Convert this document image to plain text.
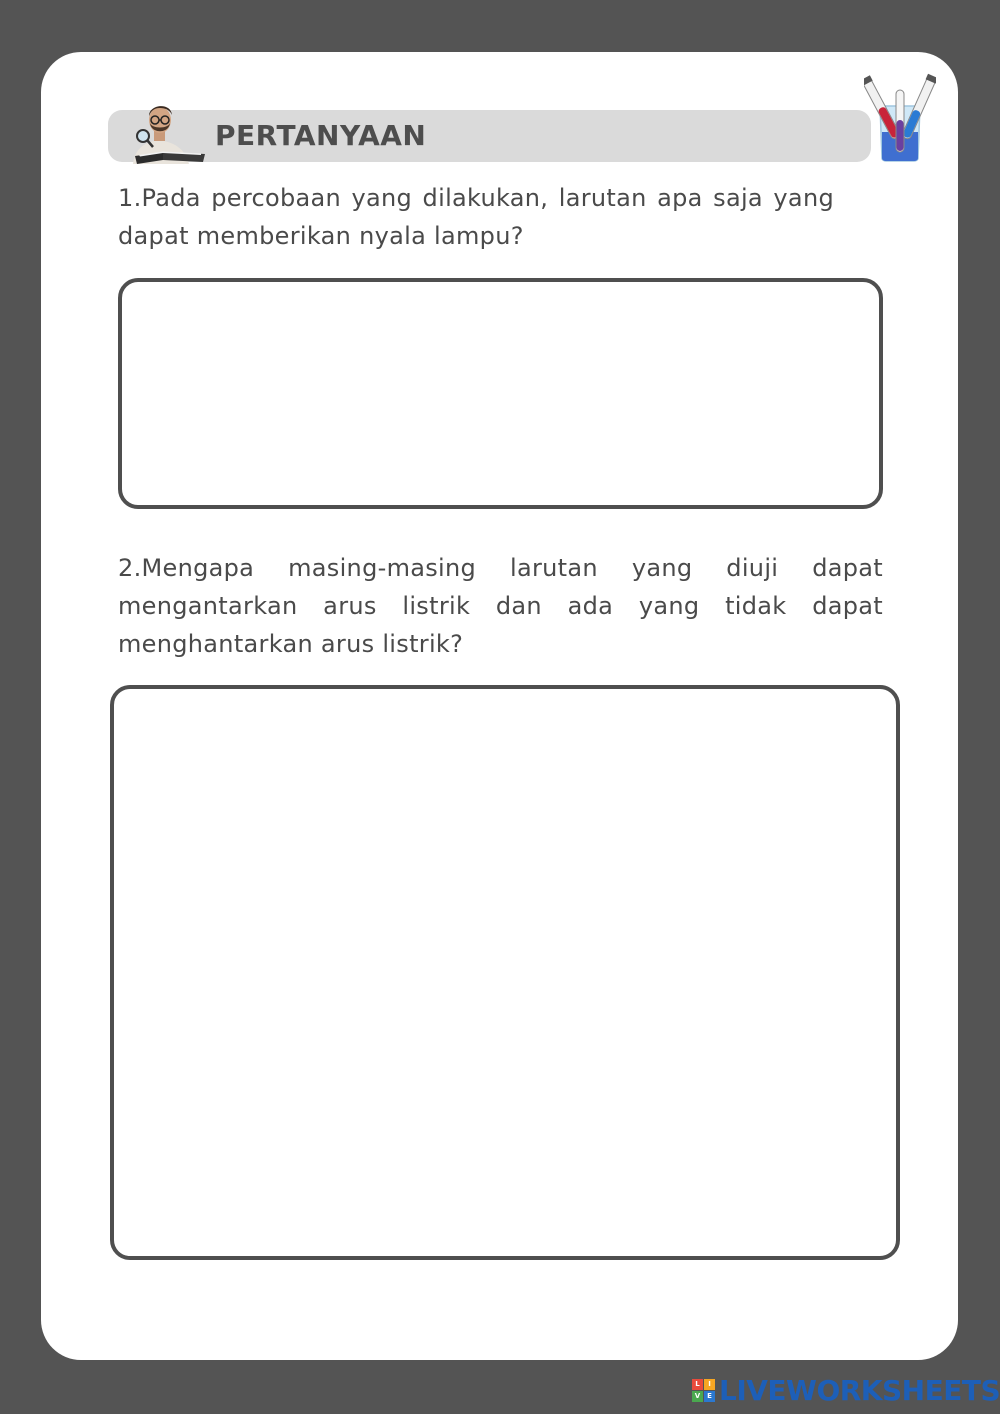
PERTANYAAN
1.Pada percobaan yang dilakukan, larutan apa saja yang dapat memberikan nyala lampu?
2.Mengapa masing-masing larutan yang diuji dapat mengantarkan arus listrik dan ada yang tidak dapat menghantarkan arus listrik?
L	I
V E LIVEWORKSHEETS
